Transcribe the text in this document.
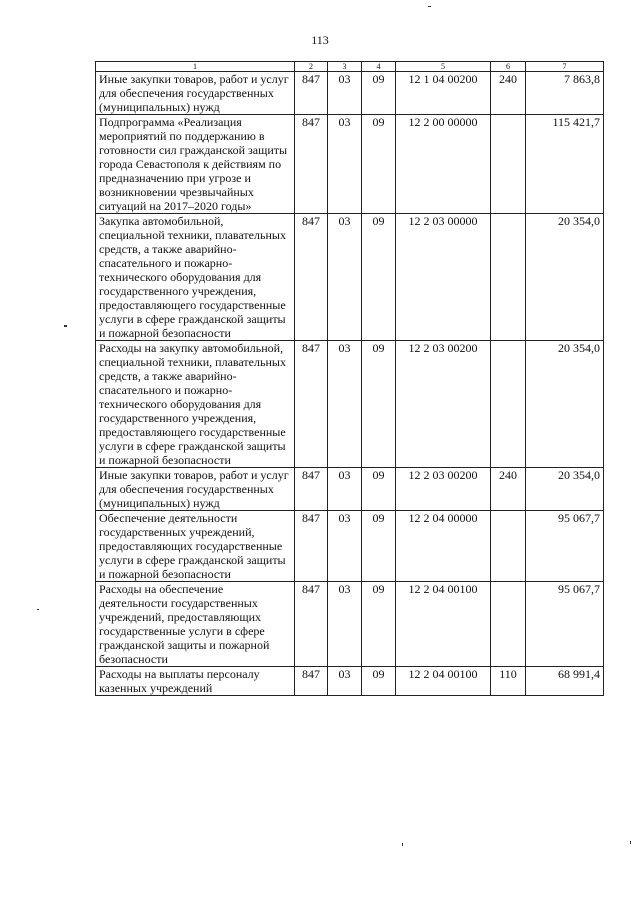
113
1	2	3	4	5	6	7
Иные закупки товаров, работ и услуг для обеспечения государственных (муниципальных) нужд	847	03	09	12 1 04 00200	240	7 863,8
Подпрограмма «Реализация мероприятий по поддержанию в готовности сил гражданской защиты города Севастополя к действиям по предназначению при угрозе и возникновении чрезвычайных ситуаций на 2017–2020 годы»	847	03	09	12 2 00 00000		115 421,7
Закупка автомобильной, специальной техники, плавательных средств, а также аварийно-спасательного и пожарно-технического оборудования для государственного учреждения, предоставляющего государственные услуги в сфере гражданской защиты и пожарной безопасности	847	03	09	12 2 03 00000		20 354,0
Расходы на закупку автомобильной, специальной техники, плавательных средств, а также аварийно-спасательного и пожарно-технического оборудования для государственного учреждения, предоставляющего государственные услуги в сфере гражданской защиты и пожарной безопасности	847	03	09	12 2 03 00200		20 354,0
Иные закупки товаров, работ и услуг для обеспечения государственных (муниципальных) нужд	847	03	09	12 2 03 00200	240	20 354,0
Обеспечение деятельности государственных учреждений, предоставляющих государственные услуги в сфере гражданской защиты и пожарной безопасности	847	03	09	12 2 04 00000		95 067,7
Расходы на обеспечение деятельности государственных учреждений, предоставляющих государственные услуги в сфере гражданской защиты и пожарной безопасности	847	03	09	12 2 04 00100		95 067,7
Расходы на выплаты персоналу казенных учреждений	847	03	09	12 2 04 00100	110	68 991,4
